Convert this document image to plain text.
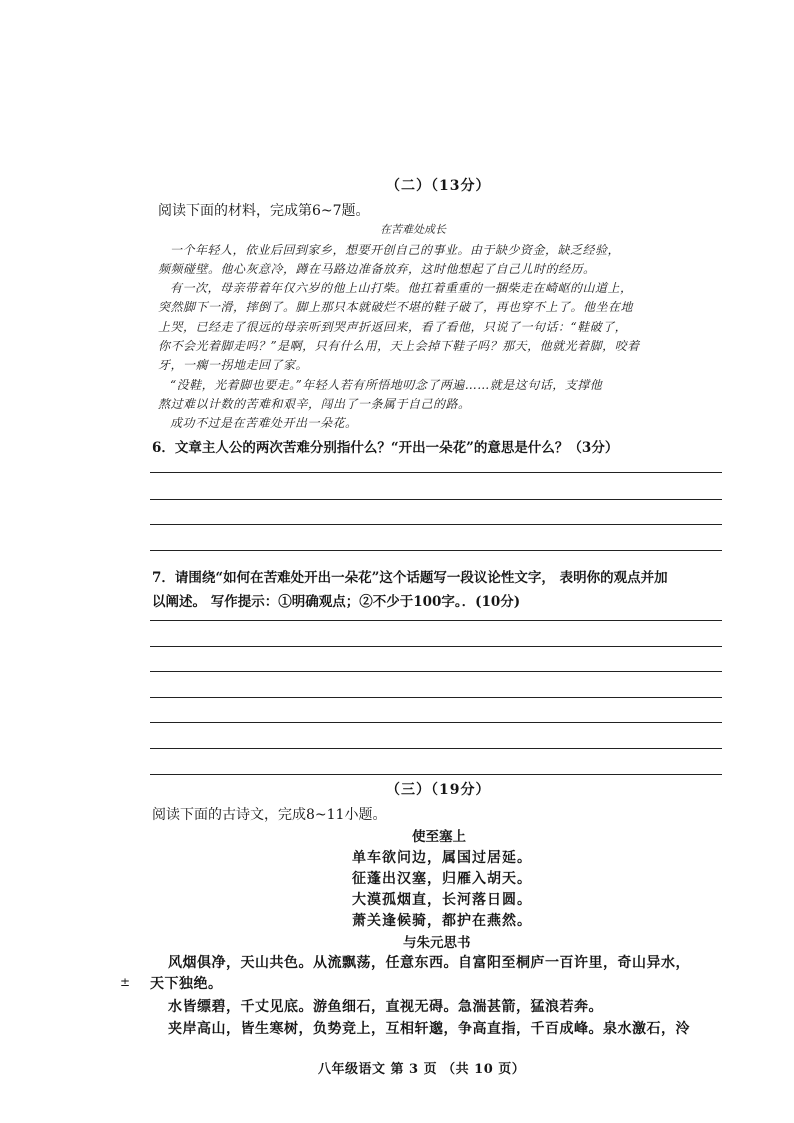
（二）（13分）
阅读下面的材料，完成第6~7题。
在苦难处成长
一个年轻人，依业后回到家乡，想要开创自己的事业。由于缺少资金，缺乏经验，
频频碰壁。他心灰意冷，蹲在马路边准备放弃，这时他想起了自己儿时的经历。
有一次，母亲带着年仅六岁的他上山打柴。他扛着重重的一捆柴走在崎岖的山道上，
突然脚下一滑，摔倒了。脚上那只本就破烂不堪的鞋子破了，再也穿不上了。他坐在地
上哭，已经走了很远的母亲听到哭声折返回来，看了看他，只说了一句话：“鞋破了，
你不会光着脚走吗？”是啊，只有什么用，天上会掉下鞋子吗？那天，他就光着脚，咬着
牙，一瘸一拐地走回了家。
“没鞋，光着脚也要走。”年轻人若有所悟地叨念了两遍……就是这句话，支撑他
熬过难以计数的苦难和艰辛，闯出了一条属于自己的路。
成功不过是在苦难处开出一朵花。
6．文章主人公的两次苦难分别指什么？“开出一朵花”的意思是什么？（3分）
7．请围绕“如何在苦难处开出一朵花”这个话题写一段议论性文字， 表明你的观点并加
以阐述。 写作提示：①明确观点；②不少于100字。．(10分)
（三）（19分）
阅读下面的古诗文，完成8~11小题。
使至塞上
单车欲问边，属国过居延。
征蓬出汉塞，归雁入胡天。
大漠孤烟直，长河落日圆。
萧关逢候骑，都护在燕然。
与朱元思书
风烟俱净，天山共色。从流飘荡，任意东西。自富阳至桐庐一百许里，奇山异水，
± 天下独绝。
水皆缥碧，千丈见底。游鱼细石，直视无碍。急湍甚箭，猛浪若奔。
夹岸高山，皆生寒树，负势竞上，互相轩邈，争高直指，千百成峰。泉水激石，泠
八年级语文 第 3 页 （共 10 页）
